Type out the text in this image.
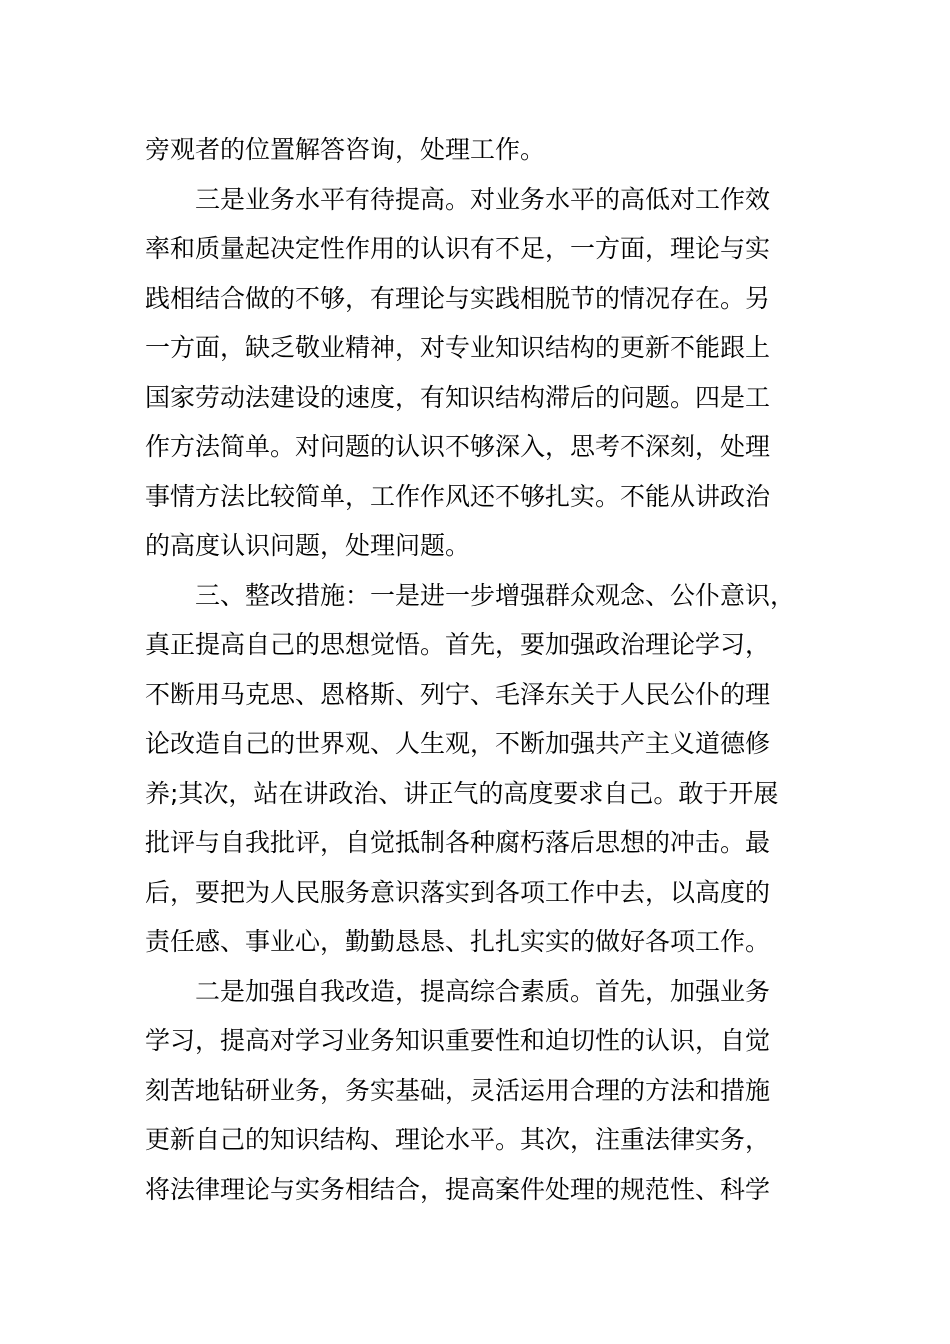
旁观者的位置解答咨询，处理工作。
三是业务水平有待提高。对业务水平的高低对工作效
率和质量起决定性作用的认识有不足，一方面，理论与实
践相结合做的不够，有理论与实践相脱节的情况存在。另
一方面，缺乏敬业精神，对专业知识结构的更新不能跟上
国家劳动法建设的速度，有知识结构滞后的问题。四是工
作方法简单。对问题的认识不够深入，思考不深刻，处理
事情方法比较简单，工作作风还不够扎实。不能从讲政治
的高度认识问题，处理问题。
三、整改措施：一是进一步增强群众观念、公仆意识，
真正提高自己的思想觉悟。首先，要加强政治理论学习，
不断用马克思、恩格斯、列宁、毛泽东关于人民公仆的理
论改造自己的世界观、人生观，不断加强共产主义道德修
养;其次，站在讲政治、讲正气的高度要求自己。敢于开展
批评与自我批评，自觉抵制各种腐朽落后思想的冲击。最
后，要把为人民服务意识落实到各项工作中去，以高度的
责任感、事业心，勤勤恳恳、扎扎实实的做好各项工作。
二是加强自我改造，提高综合素质。首先，加强业务
学习，提高对学习业务知识重要性和迫切性的认识，自觉
刻苦地钻研业务，务实基础，灵活运用合理的方法和措施
更新自己的知识结构、理论水平。其次，注重法律实务，
将法律理论与实务相结合，提高案件处理的规范性、科学
